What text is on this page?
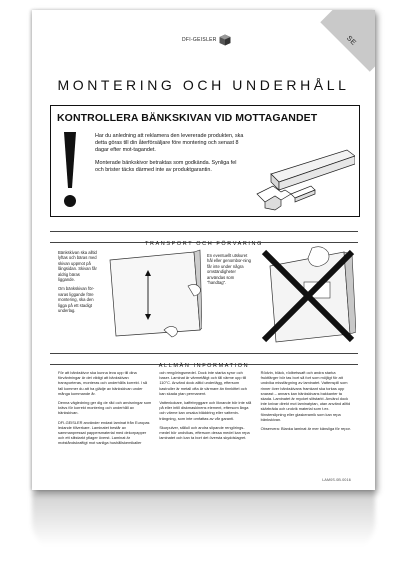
SE
DFI-GEISLER
MONTERING OCH UNDERHÅLL
KONTROLLERA BÄNKSKIVAN VID MOTTAGANDET

Har du anledning att reklamera den levererade produkten, ska detta göras till din återförsäljare före montering och senast 8 dagar efter mot-tagandet.

Monterade bänkskivor betraktas som godkända. Synliga fel och brister täcks därmed inte av produktgarantin.

TRANSPORT OCH FÖRVARING

Bänkskivan ska alltid lyftas och bäras med skivan uppmot på långsidan. Skivan får aldrig bäras liggande.

Om bänkskivan för-varas liggande före montering, ska den ligga på ett stadigt underlag.

En eventuellt utskuret hål eller genombor-ning får inte under några omständigheter användas som "handtag".

ALLMÄN INFORMATION

För att bänkskivor ska kunna leva upp till dina förväntningar är det viktigt att bänkskivan transporteras, monteras och underhålls korrekt. I så fall kommer du att ha glädje av bänkskivan under många kommande år.

Denna vägledning ger dig de råd och anvisningar som krävs för korrekt montering och underhåll av bänkskivan.

DFI-GEISLER använder endast laminat från Europas ledande tillverkare. Laminatet består av sammanpressat pappersmaterial med dekorpapper och ett slitstarkt ytlager överst. Laminat är motståndskraftigt mot vanliga hushållskemikalier

och rengöringsmedel. Dock inte starka syror och baser. Laminat är värmetåligt och tål värme upp till 110°C. Använd dock alltid underlägg, eftersom kastruller är metall ofta är värmare än tinnkittet och kan skada ytan permanent.

Vattenkokare, kaffebryggare och liknande bör inte stå på eller intill diskmaskinens element, eftersom ånga och värme kan orsaka bläddring eller vattenin-trängning, som inte omfattas av vår garanti.

Skurpulver, stålull och andra slipande rengörings-medel bör undvikas, eftersom dessa medel kan repa laminatet och kan ta bort det översta skyddslagret.

Rödvin, bläck, rödbetssaft och andra starka fruktfärger bör tas bort så fort som möjligt för att undvika missfärgning av laminatet. Vattenspill som rinner över bänkskivans framkant ska torkas upp snarast – annars kan bänkskivans bakkanter ta skada. Laminatet är mycket slitstarkt. Använd dock inte knivar direkt mot laminatytan, utan använd alltid skärbräda och undvik material som t.ex. fönsterslipning eller glaskeramik som kan repa bänkskivan.

Observera: Blanka laminat är mer känsliga för repor.

LAM0S.0B.0016
